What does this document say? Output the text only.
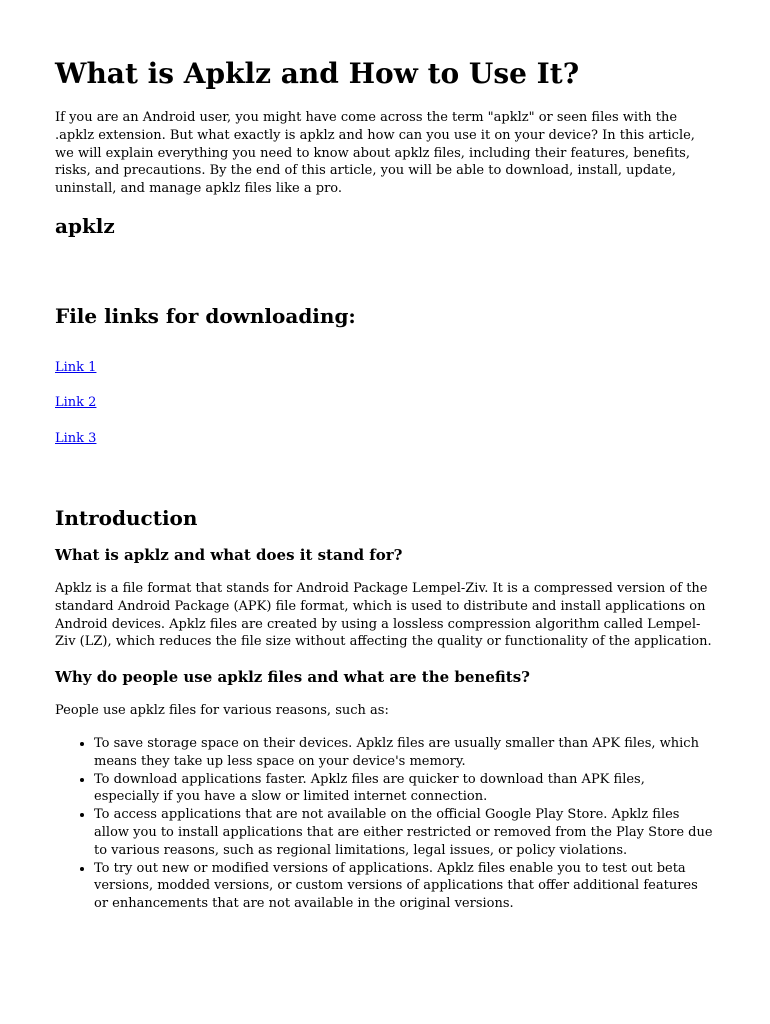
What is Apklz and How to Use It?

If you are an Android user, you might have come across the term "apklz" or seen files with the .apklz extension. But what exactly is apklz and how can you use it on your device? In this article, we will explain everything you need to know about apklz files, including their features, benefits, risks, and precautions. By the end of this article, you will be able to download, install, update, uninstall, and manage apklz files like a pro.

apklz
File links for downloading:
Link 1
Link 2
Link 3
Introduction
What is apklz and what does it stand for?

Apklz is a file format that stands for Android Package Lempel-Ziv. It is a compressed version of the standard Android Package (APK) file format, which is used to distribute and install applications on Android devices. Apklz files are created by using a lossless compression algorithm called Lempel-Ziv (LZ), which reduces the file size without affecting the quality or functionality of the application.

Why do people use apklz files and what are the benefits?

People use apklz files for various reasons, such as:

• To save storage space on their devices. Apklz files are usually smaller than APK files, which means they take up less space on your device's memory.
• To download applications faster. Apklz files are quicker to download than APK files, especially if you have a slow or limited internet connection.
• To access applications that are not available on the official Google Play Store. Apklz files allow you to install applications that are either restricted or removed from the Play Store due to various reasons, such as regional limitations, legal issues, or policy violations.
• To try out new or modified versions of applications. Apklz files enable you to test out beta versions, modded versions, or custom versions of applications that offer additional features or enhancements that are not available in the original versions.
